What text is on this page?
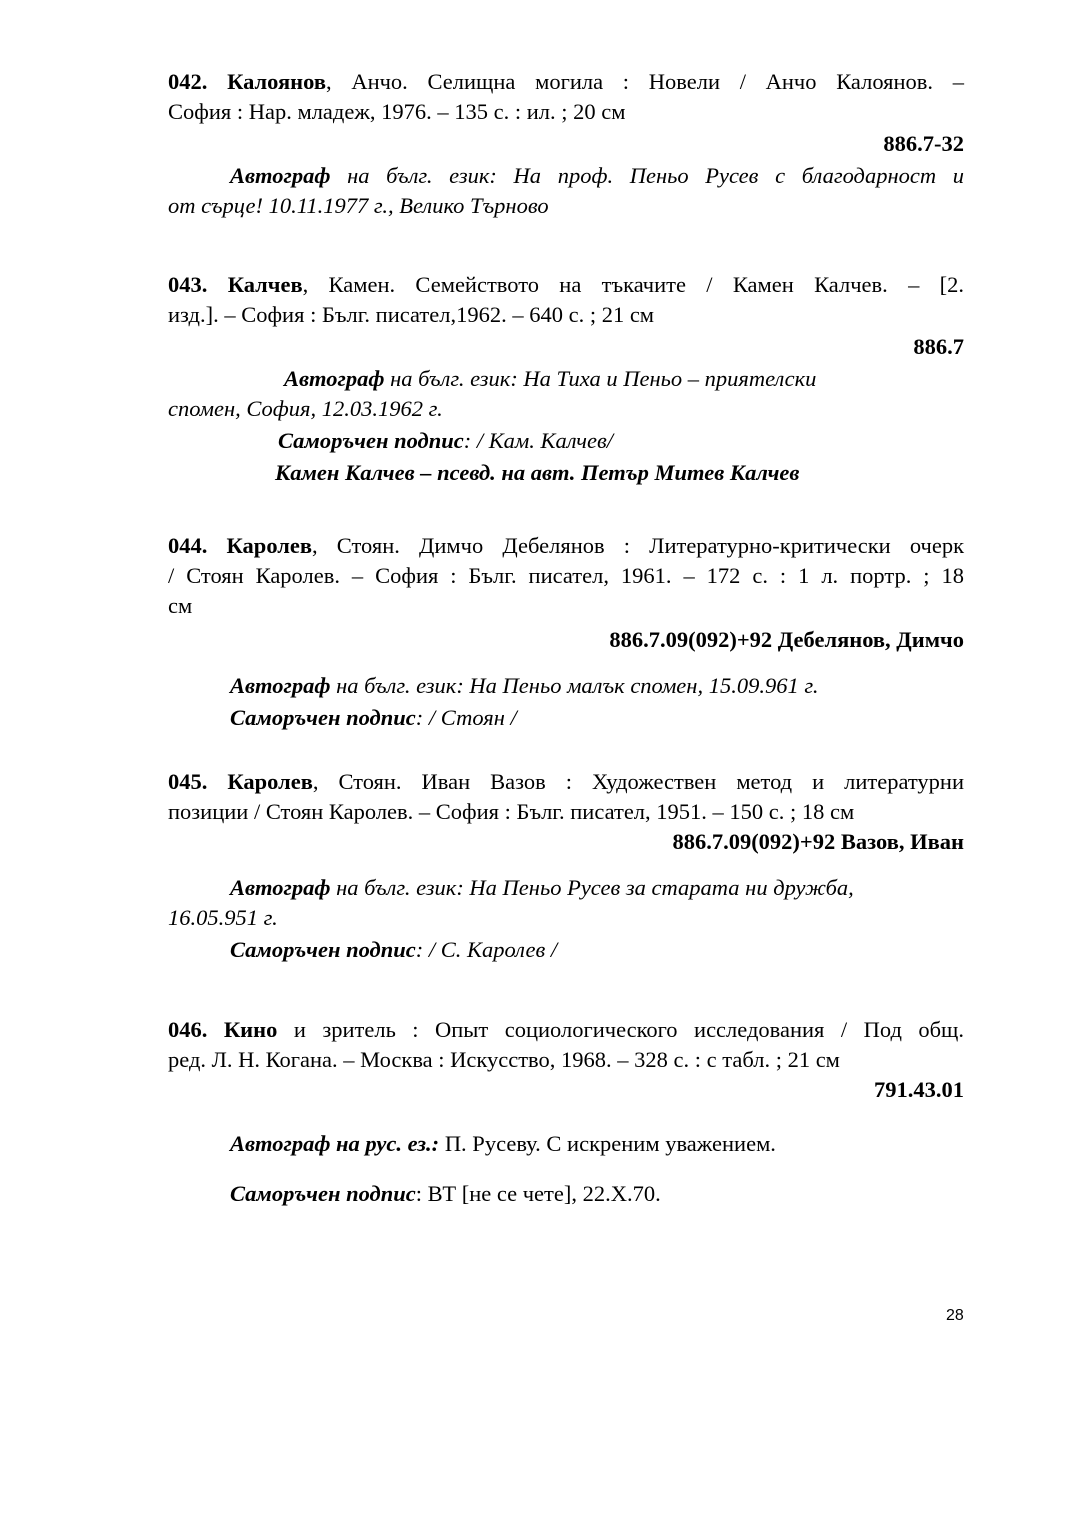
042. Калоянов, Анчо. Селищна могила : Новели / Анчо Калоянов. –
София : Нар. младеж, 1976. – 135 с. : ил. ; 20 см
886.7-32
Автограф на бълг. език: На проф. Пеньо Русев с благодарност и
от сърце! 10.11.1977 г., Велико Търново
043. Калчев, Камен. Семейството на тъкачите / Камен Калчев. – [2.
изд.]. – София : Бълг. писател,1962. – 640 с. ; 21 см
886.7
Автограф на бълг. език: На Тиха и Пеньо – приятелски
спомен, София, 12.03.1962 г.
Саморъчен подпис: / Кам. Калчев/
Камен Калчев – псевд. на авт. Петър Митев Калчев
044. Каролев, Стоян. Димчо Дебелянов : Литературно-критически очерк
/ Стоян Каролев. – София : Бълг. писател, 1961. – 172 с. : 1 л. портр. ; 18
см
886.7.09(092)+92 Дебелянов, Димчо
Автограф на бълг. език: На Пеньо малък спомен, 15.09.961 г.
Саморъчен подпис: / Стоян /
045. Каролев, Стоян. Иван Вазов : Художествен метод и литературни
позиции / Стоян Каролев. – София : Бълг. писател, 1951. – 150 с. ; 18 см
886.7.09(092)+92 Вазов, Иван
Автограф на бълг. език: На Пеньо Русев за старата ни дружба,
16.05.951 г.
Саморъчен подпис: / С. Каролев /
046. Кино и зритель : Опыт социологического исследования / Под общ.
ред. Л. Н. Когана. – Москва : Искусство, 1968. – 328 с. : с табл. ; 21 см
791.43.01
Автограф на рус. ез.: П. Русеву. С искреним уважением.
Саморъчен подпис: ВТ [не се чете], 22.Х.70.
28
